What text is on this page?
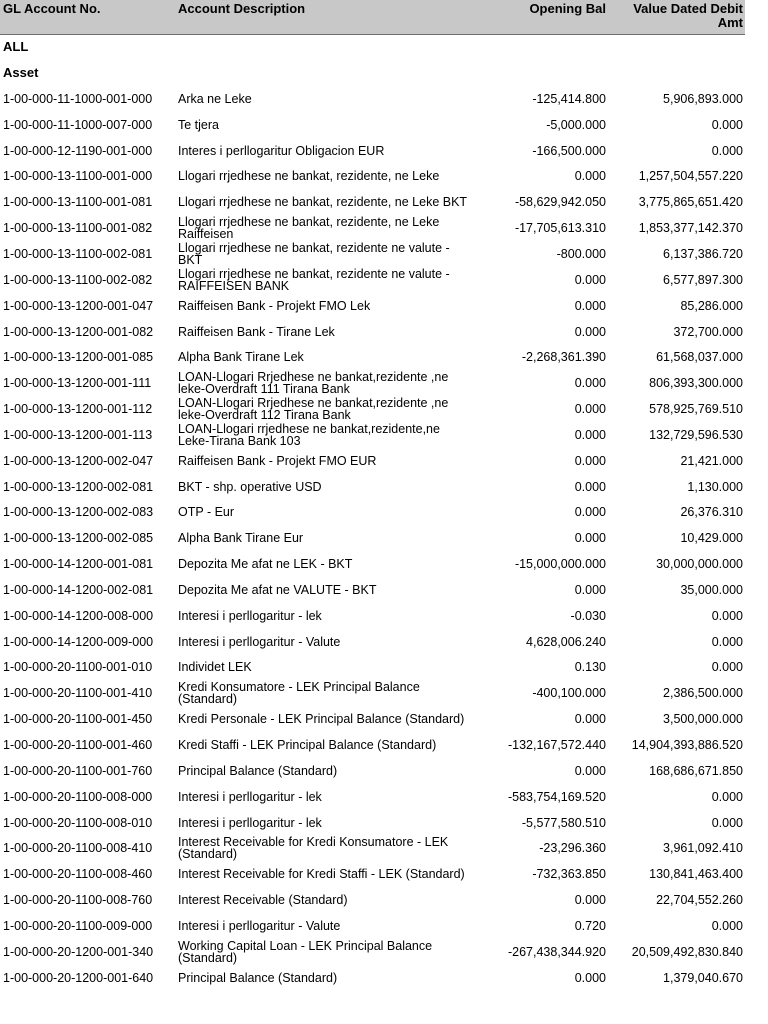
GL Account No.	Account Description	Opening Bal	Value Dated Debit Amt
ALL
Asset
1-00-000-11-1000-001-000 Arka ne Leke	-125,414.800	5,906,893.000
1-00-000-11-1000-007-000 Te tjera	-5,000.000	0.000
1-00-000-12-1190-001-000 Interes i perllogaritur Obligacion EUR	-166,500.000	0.000
1-00-000-13-1100-001-000 Llogari rrjedhese ne bankat, rezidente, ne Leke	0.000	1,257,504,557.220
1-00-000-13-1100-001-081 Llogari rrjedhese ne bankat, rezidente, ne Leke BKT	-58,629,942.050	3,775,865,651.420
1-00-000-13-1100-001-082 Llogari rrjedhese ne bankat, rezidente, ne Leke Raiffeisen	-17,705,613.310	1,853,377,142.370
1-00-000-13-1100-002-081 Llogari rrjedhese ne bankat, rezidente ne valute - BKT	-800.000	6,137,386.720
1-00-000-13-1100-002-082 Llogari rrjedhese ne bankat, rezidente ne valute - RAIFFEISEN BANK	0.000	6,577,897.300
1-00-000-13-1200-001-047 Raiffeisen Bank - Projekt FMO Lek	0.000	85,286.000
1-00-000-13-1200-001-082 Raiffeisen Bank - Tirane Lek	0.000	372,700.000
1-00-000-13-1200-001-085 Alpha Bank Tirane Lek	-2,268,361.390	61,568,037.000
1-00-000-13-1200-001-111 LOAN-Llogari Rrjedhese ne bankat,rezidente ,ne leke-Overdraft 111 Tirana Bank	0.000	806,393,300.000
1-00-000-13-1200-001-112 LOAN-Llogari Rrjedhese ne bankat,rezidente ,ne leke-Overdraft 112 Tirana Bank	0.000	578,925,769.510
1-00-000-13-1200-001-113 LOAN-Llogari rrjedhese ne bankat,rezidente,ne Leke-Tirana Bank 103	0.000	132,729,596.530
1-00-000-13-1200-002-047 Raiffeisen Bank - Projekt FMO EUR	0.000	21,421.000
1-00-000-13-1200-002-081 BKT - shp. operative USD	0.000	1,130.000
1-00-000-13-1200-002-083 OTP - Eur	0.000	26,376.310
1-00-000-13-1200-002-085 Alpha Bank Tirane Eur	0.000	10,429.000
1-00-000-14-1200-001-081 Depozita Me afat ne LEK - BKT	-15,000,000.000	30,000,000.000
1-00-000-14-1200-002-081 Depozita Me afat ne VALUTE - BKT	0.000	35,000.000
1-00-000-14-1200-008-000 Interesi i perllogaritur - lek	-0.030	0.000
1-00-000-14-1200-009-000 Interesi i perllogaritur - Valute	4,628,006.240	0.000
1-00-000-20-1100-001-010 Individet LEK	0.130	0.000
1-00-000-20-1100-001-410 Kredi Konsumatore - LEK Principal Balance (Standard)	-400,100.000	2,386,500.000
1-00-000-20-1100-001-450 Kredi Personale - LEK Principal Balance (Standard)	0.000	3,500,000.000
1-00-000-20-1100-001-460 Kredi Staffi - LEK Principal Balance (Standard)	-132,167,572.440 14,904,393,886.520
1-00-000-20-1100-001-760 Principal Balance (Standard)	0.000	168,686,671.850
1-00-000-20-1100-008-000 Interesi i perllogaritur - lek	-583,754,169.520	0.000
1-00-000-20-1100-008-010 Interesi i perllogaritur - lek	-5,577,580.510	0.000
1-00-000-20-1100-008-410 Interest Receivable for Kredi Konsumatore - LEK (Standard)	-23,296.360	3,961,092.410
1-00-000-20-1100-008-460 Interest Receivable for Kredi Staffi - LEK (Standard)	-732,363.850	130,841,463.400
1-00-000-20-1100-008-760 Interest Receivable (Standard)	0.000	22,704,552.260
1-00-000-20-1100-009-000 Interesi i perllogaritur - Valute	0.720	0.000
1-00-000-20-1200-001-340 Working Capital Loan - LEK Principal Balance (Standard)	-267,438,344.920 20,509,492,830.840
1-00-000-20-1200-001-640 Principal Balance (Standard)	0.000	1,379,040.670
